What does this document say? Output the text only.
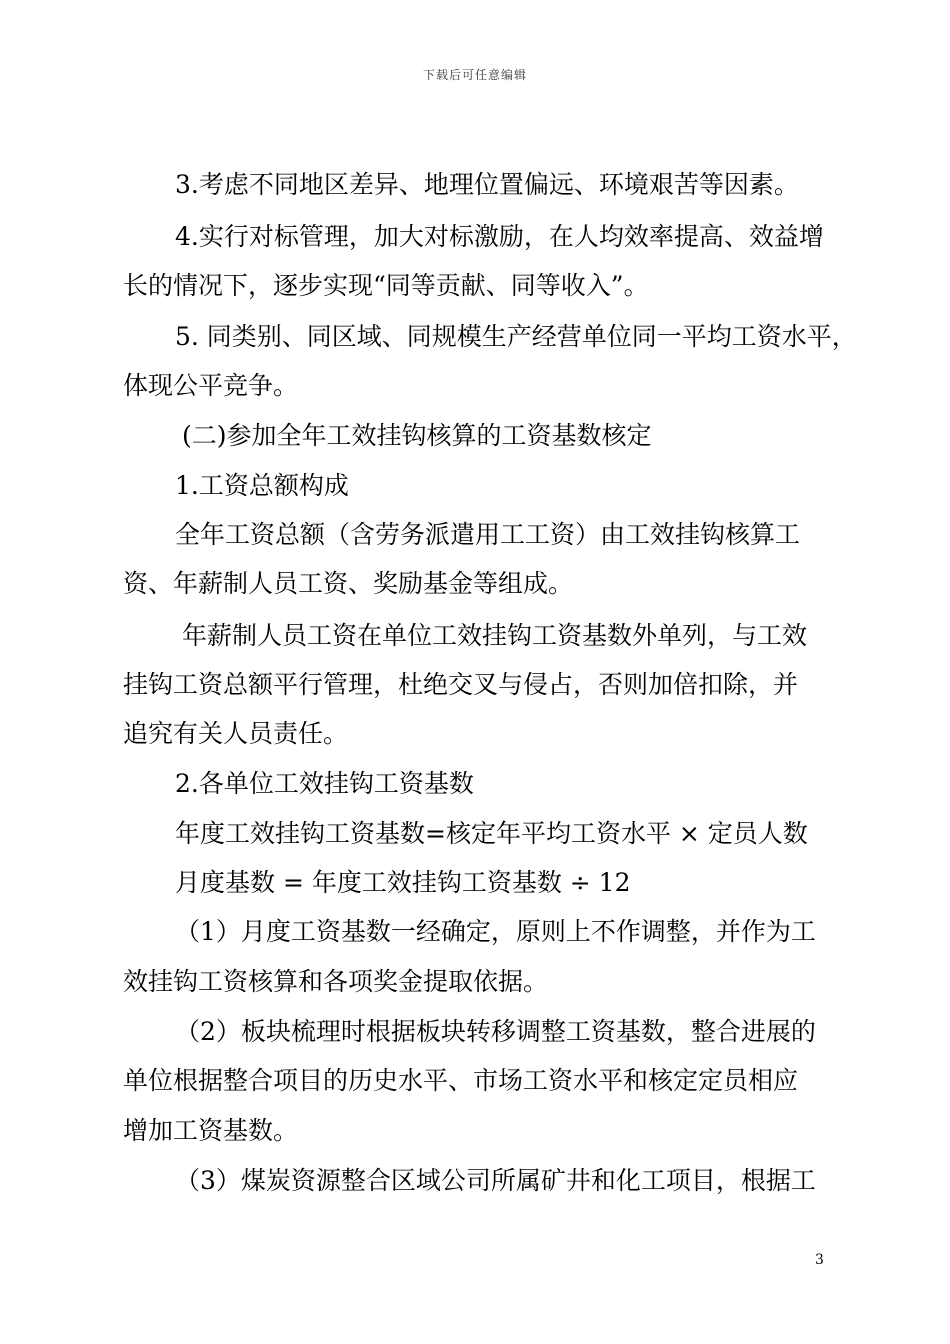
下载后可任意编辑
3.考虑不同地区差异、地理位置偏远、环境艰苦等因素。
4.实行对标管理，加大对标激励，在人均效率提高、效益增
长的情况下，逐步实现“同等贡献、同等收入”。
5. 同类别、同区域、同规模生产经营单位同一平均工资水平，
体现公平竞争。
(二)参加全年工效挂钩核算的工资基数核定
1.工资总额构成
全年工资总额（含劳务派遣用工工资）由工效挂钩核算工
资、年薪制人员工资、奖励基金等组成。
年薪制人员工资在单位工效挂钩工资基数外单列，与工效
挂钩工资总额平行管理，杜绝交叉与侵占，否则加倍扣除，并
追究有关人员责任。
2.各单位工效挂钩工资基数
年度工效挂钩工资基数=核定年平均工资水平 × 定员人数
月度基数 = 年度工效挂钩工资基数 ÷ 12
（1）月度工资基数一经确定，原则上不作调整，并作为工
效挂钩工资核算和各项奖金提取依据。
（2）板块梳理时根据板块转移调整工资基数，整合进展的
单位根据整合项目的历史水平、市场工资水平和核定定员相应
增加工资基数。
（3）煤炭资源整合区域公司所属矿井和化工项目，根据工
3
